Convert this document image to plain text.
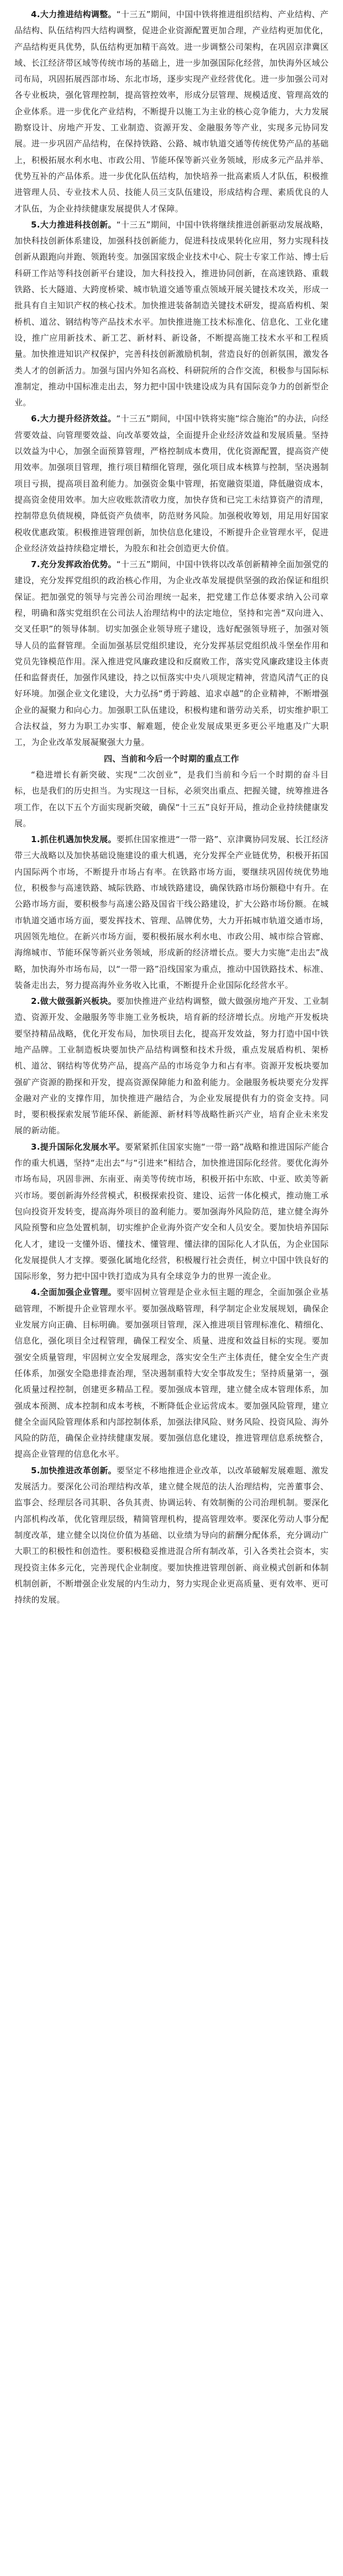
4.大力推进结构调整。“十三五”期间，中国中铁将推进组织结构、产业结构、产品结构、队伍结构四大结构调整，促进企业资源配置更加合理，产业结构更加优化，产品结构更具优势，队伍结构更加精干高效。进一步调整公司架构，在巩固京津冀区域、长江经济带区域等传统市场的基础上，进一步加强国际化经营，加快海外区域公司布局，巩固拓展西部市场、东北市场，逐步实现产业经营优化。进一步加强公司对各专业板块，强化管理控制，提高管控效率，形成分层管理、规模适度、管理高效的企业体系。进一步优化产业结构，不断提升以施工为主业的核心竞争能力，大力发展勘察设计、房地产开发、工业制造、资源开发、金融服务等产业，实现多元协同发展。进一步巩固产品结构，在保持铁路、公路、城市轨道交通等传统优势产品的基础上，积极拓展水利水电、市政公用、节能环保等新兴业务领域，形成多元产品并举、优势互补的产品体系。进一步优化队伍结构，加快培养一批高素质人才队伍，积极推进管理人员、专业技术人员、技能人员三支队伍建设，形成结构合理、素质优良的人才队伍，为企业持续健康发展提供人才保障。

5.大力推进科技创新。“十三五”期间，中国中铁将继续推进创新驱动发展战略，加快科技创新体系建设，加强科技创新能力，促进科技成果转化应用，努力实现科技创新从跟跑向并跑、领跑转变。加强国家级企业技术中心、院士专家工作站、博士后科研工作站等科技创新平台建设，加大科技投入，推进协同创新，在高速铁路、重载铁路、长大隧道、大跨度桥梁、城市轨道交通等重点领域开展关键技术攻关，形成一批具有自主知识产权的核心技术。加快推进装备制造关键技术研发，提高盾构机、架桥机、道岔、钢结构等产品技术水平。加快推进施工技术标准化、信息化、工业化建设，推广应用新技术、新工艺、新材料、新设备，不断提高施工技术水平和工程质量。加快推进知识产权保护，完善科技创新激励机制，营造良好的创新氛围，激发各类人才的创新活力。加强与国内外知名高校、科研院所的合作交流，积极参与国际标准制定，推动中国标准走出去，努力把中国中铁建设成为具有国际竞争力的创新型企业。

6.大力提升经济效益。“十三五”期间，中国中铁将实施“综合施治”的办法，向经营要效益、向管理要效益、向改革要效益，全面提升企业经济效益和发展质量。坚持以效益为中心，加强全面预算管理，严格控制成本费用，优化资源配置，提高资产使用效率。加强项目管理，推行项目精细化管理，强化项目成本核算与控制，坚决遏制项目亏损，提高项目盈利能力。加强资金集中管理，拓宽融资渠道，降低融资成本，提高资金使用效率。加大应收账款清收力度，加快存货和已完工未结算资产的清理，控制带息负债规模，降低资产负债率，防范财务风险。加强税收筹划，用足用好国家税收优惠政策。积极推进管理创新，加快信息化建设，不断提升企业管理水平，促进企业经济效益持续稳定增长，为股东和社会创造更大价值。

7.充分发挥政治优势。“十三五”期间，中国中铁将以改革创新精神全面加强党的建设，充分发挥党组织的政治核心作用，为企业改革发展提供坚强的政治保证和组织保证。把加强党的领导与完善公司治理统一起来，把党建工作总体要求纳入公司章程，明确和落实党组织在公司法人治理结构中的法定地位，坚持和完善“双向进入、交叉任职”的领导体制。切实加强企业领导班子建设，选好配强领导班子，加强对领导人员的监督管理。全面加强基层党组织建设，充分发挥基层党组织战斗堡垒作用和党员先锋模范作用。深入推进党风廉政建设和反腐败工作，落实党风廉政建设主体责任和监督责任，加强作风建设，持之以恒落实中央八项规定精神，营造风清气正的良好环境。加强企业文化建设，大力弘扬“勇于跨越、追求卓越”的企业精神，不断增强企业的凝聚力和向心力。加强职工队伍建设，积极构建和谐劳动关系，切实维护职工合法权益，努力为职工办实事、解难题，使企业发展成果更多更公平地惠及广大职工，为企业改革发展凝聚强大力量。

四、当前和今后一个时期的重点工作

“稳进增长有新突破、实现“二次创业”，是我们当前和今后一个时期的奋斗目标，也是我们的历史担当。为实现这一目标，必须突出重点、把握关键，统筹推进各项工作，在以下五个方面实现新突破，确保“十三五”良好开局，推动企业持续健康发展。

1.抓住机遇加快发展。要抓住国家推进“一带一路”、京津冀协同发展、长江经济带三大战略以及加快基础设施建设的重大机遇，充分发挥全产业链优势，积极开拓国内国际两个市场，不断提升市场占有率。在铁路市场方面，要继续巩固传统优势地位，积极参与高速铁路、城际铁路、市域铁路建设，确保铁路市场份额稳中有升。在公路市场方面，要积极参与高速公路及国省干线公路建设，扩大公路市场份额。在城市轨道交通市场方面，要发挥技术、管理、品牌优势，大力开拓城市轨道交通市场，巩固领先地位。在新兴市场方面，要积极拓展水利水电、市政公用、城市综合管廊、海绵城市、节能环保等新兴业务领域，形成新的经济增长点。要大力实施“走出去”战略，加快海外市场布局，以“一带一路”沿线国家为重点，推动中国铁路技术、标准、装备走出去，努力提高海外业务收入比重，不断提升企业国际化经营水平。

2.做大做强新兴板块。要加快推进产业结构调整，做大做强房地产开发、工业制造、资源开发、金融服务等非施工业务板块，培育新的经济增长点。房地产开发板块要坚持精品战略，优化开发布局，加快项目去化，提高开发效益，努力打造中国中铁地产品牌。工业制造板块要加快产品结构调整和技术升级，重点发展盾构机、架桥机、道岔、钢结构等优势产品，提高产品的市场竞争力和占有率。资源开发板块要加强矿产资源的勘探和开发，提高资源保障能力和盈利能力。金融服务板块要充分发挥金融对产业的支撑作用，加快推进产融结合，为企业发展提供有力的资金支持。同时，要积极探索发展节能环保、新能源、新材料等战略性新兴产业，培育企业未来发展的新动能。

3.提升国际化发展水平。要紧紧抓住国家实施“一带一路”战略和推进国际产能合作的重大机遇，坚持“走出去”与“引进来”相结合，加快推进国际化经营。要优化海外市场布局，巩固非洲、东南亚、南美等传统市场，积极开拓中东欧、中亚、欧美等新兴市场。要创新海外经营模式，积极探索投资、建设、运营一体化模式，推动施工承包向投资开发转变，提高海外项目的盈利能力。要加强海外风险防范，建立健全海外风险预警和应急处置机制，切实维护企业海外资产安全和人员安全。要加快培养国际化人才，建设一支懂外语、懂技术、懂管理、懂法律的国际化人才队伍，为企业国际化发展提供人才支撑。要强化属地化经营，积极履行社会责任，树立中国中铁良好的国际形象，努力把中国中铁打造成为具有全球竞争力的世界一流企业。

4.全面加强企业管理。要牢固树立管理是企业永恒主题的理念，全面加强企业基础管理，不断提升企业管理水平。要加强战略管理，科学制定企业发展规划，确保企业发展方向正确、目标明确。要加强项目管理，深入推进项目管理标准化、精细化、信息化，强化项目全过程管理，确保工程安全、质量、进度和效益目标的实现。要加强安全质量管理，牢固树立安全发展理念，落实安全生产主体责任，健全安全生产责任体系，加强安全隐患排查治理，坚决遏制重特大安全事故发生；坚持质量第一，强化质量过程控制，创建更多精品工程。要加强成本管理，建立健全成本管理体系，加强成本预测、成本控制和成本考核，不断降低企业运营成本。要加强风险管理，建立健全全面风险管理体系和内部控制体系，加强法律风险、财务风险、投资风险、海外风险的防范，确保企业持续健康发展。要加强信息化建设，推进管理信息系统整合，提高企业管理的信息化水平。

5.加快推进改革创新。要坚定不移地推进企业改革，以改革破解发展难题、激发发展活力。要深化公司治理结构改革，建立健全规范的法人治理结构，完善董事会、监事会、经理层各司其职、各负其责、协调运转、有效制衡的公司治理机制。要深化内部机构改革，优化管理层级，精简管理机构，提高管理效率。要深化劳动人事分配制度改革，建立健全以岗位价值为基础、以业绩为导向的薪酬分配体系，充分调动广大职工的积极性和创造性。要积极稳妥推进混合所有制改革，引入各类社会资本，实现投资主体多元化，完善现代企业制度。要加快推进管理创新、商业模式创新和体制机制创新，不断增强企业发展的内生动力，努力实现企业更高质量、更有效率、更可持续的发展。
